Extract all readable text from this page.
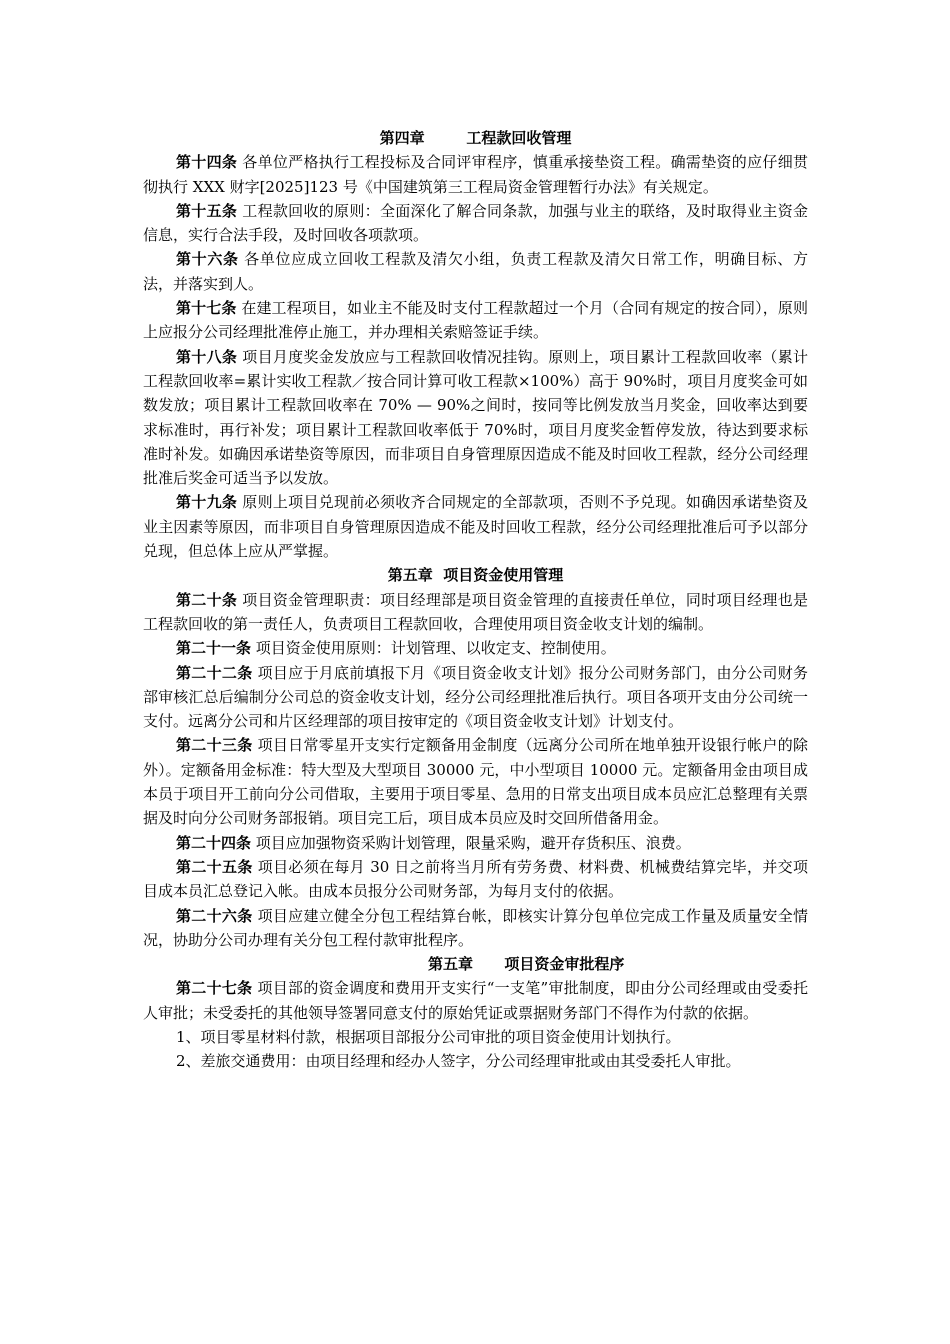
第四章        工程款回收管理

第十四条 各单位严格执行工程投标及合同评审程序，慎重承接垫资工程。确需垫资的应仔细贯彻执行 XXX 财字[2025]123 号《中国建筑第三工程局资金管理暂行办法》有关规定。

第十五条 工程款回收的原则：全面深化了解合同条款，加强与业主的联络，及时取得业主资金信息，实行合法手段，及时回收各项款项。

第十六条 各单位应成立回收工程款及清欠小组，负责工程款及清欠日常工作，明确目标、方法，并落实到人。

第十七条 在建工程项目，如业主不能及时支付工程款超过一个月（合同有规定的按合同），原则上应报分公司经理批准停止施工，并办理相关索赔签证手续。

第十八条 项目月度奖金发放应与工程款回收情况挂钩。原则上，项目累计工程款回收率（累计工程款回收率=累计实收工程款／按合同计算可收工程款×100%）高于 90%时，项目月度奖金可如数发放；项目累计工程款回收率在 70% — 90%之间时，按同等比例发放当月奖金，回收率达到要求标准时，再行补发；项目累计工程款回收率低于 70%时，项目月度奖金暂停发放，待达到要求标准时补发。如确因承诺垫资等原因，而非项目自身管理原因造成不能及时回收工程款，经分公司经理批准后奖金可适当予以发放。

第十九条 原则上项目兑现前必须收齐合同规定的全部款项，否则不予兑现。如确因承诺垫资及业主因素等原因，而非项目自身管理原因造成不能及时回收工程款，经分公司经理批准后可予以部分兑现，但总体上应从严掌握。

第五章  项目资金使用管理

第二十条 项目资金管理职责：项目经理部是项目资金管理的直接责任单位，同时项目经理也是工程款回收的第一责任人，负责项目工程款回收，合理使用项目资金收支计划的编制。

第二十一条 项目资金使用原则：计划管理、以收定支、控制使用。

第二十二条 项目应于月底前填报下月《项目资金收支计划》报分公司财务部门，由分公司财务部审核汇总后编制分公司总的资金收支计划，经分公司经理批准后执行。项目各项开支由分公司统一支付。远离分公司和片区经理部的项目按审定的《项目资金收支计划》计划支付。

第二十三条 项目日常零星开支实行定额备用金制度（远离分公司所在地单独开设银行帐户的除外）。定额备用金标准：特大型及大型项目 30000 元，中小型项目 10000 元。定额备用金由项目成本员于项目开工前向分公司借取，主要用于项目零星、急用的日常支出项目成本员应汇总整理有关票据及时向分公司财务部报销。项目完工后，项目成本员应及时交回所借备用金。

第二十四条 项目应加强物资采购计划管理，限量采购，避开存货积压、浪费。

第二十五条 项目必须在每月 30 日之前将当月所有劳务费、材料费、机械费结算完毕，并交项目成本员汇总登记入帐。由成本员报分公司财务部，为每月支付的依据。

第二十六条 项目应建立健全分包工程结算台帐，即核实计算分包单位完成工作量及质量安全情况，协助分公司办理有关分包工程付款审批程序。

第五章      项目资金审批程序

第二十七条 项目部的资金调度和费用开支实行“一支笔”审批制度，即由分公司经理或由受委托人审批；未受委托的其他领导签署同意支付的原始凭证或票据财务部门不得作为付款的依据。

1、项目零星材料付款，根据项目部报分公司审批的项目资金使用计划执行。

2、差旅交通费用：由项目经理和经办人签字，分公司经理审批或由其受委托人审批。
